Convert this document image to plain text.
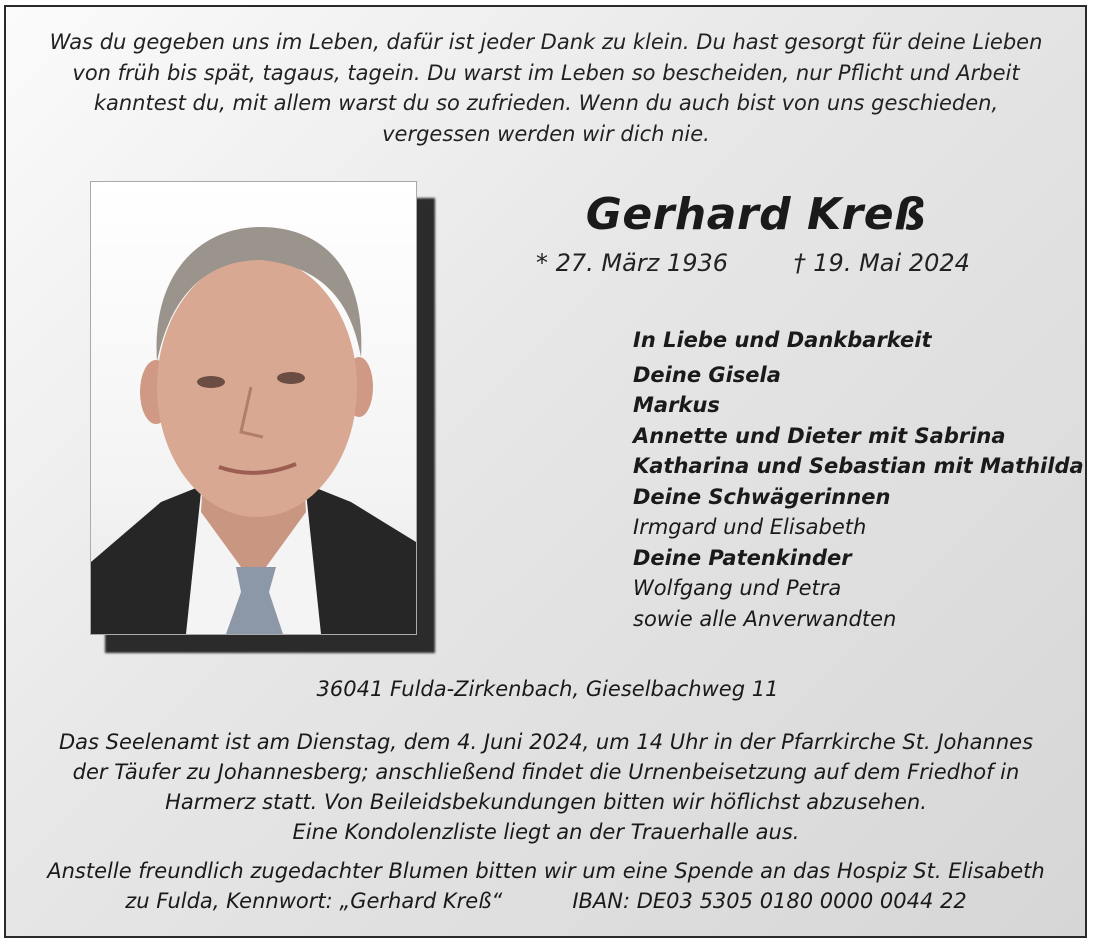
Was du gegeben uns im Leben, dafür ist jeder Dank zu klein. Du hast gesorgt für deine Lieben
von früh bis spät, tagaus, tagein. Du warst im Leben so bescheiden, nur Pflicht und Arbeit
kanntest du, mit allem warst du so zufrieden. Wenn du auch bist von uns geschieden,
vergessen werden wir dich nie.
Gerhard Kreß
* 27. März 1936	† 19. Mai 2024
In Liebe und Dankbarkeit
Deine Gisela
Markus
Annette und Dieter mit Sabrina
Katharina und Sebastian mit Mathilda
Deine Schwägerinnen
Irmgard und Elisabeth
Deine Patenkinder
Wolfgang und Petra
sowie alle Anverwandten
36041 Fulda-Zirkenbach, Gieselbachweg 11
Das Seelenamt ist am Dienstag, dem 4. Juni 2024, um 14 Uhr in der Pfarrkirche St. Johannes
der Täufer zu Johannesberg; anschließend findet die Urnenbeisetzung auf dem Friedhof in
Harmerz statt. Von Beileidsbekundungen bitten wir höflichst abzusehen.
Eine Kondolenzliste liegt an der Trauerhalle aus.
Anstelle freundlich zugedachter Blumen bitten wir um eine Spende an das Hospiz St. Elisabeth
zu Fulda, Kennwort: „Gerhard Kreß“	IBAN: DE03 5305 0180 0000 0044 22
